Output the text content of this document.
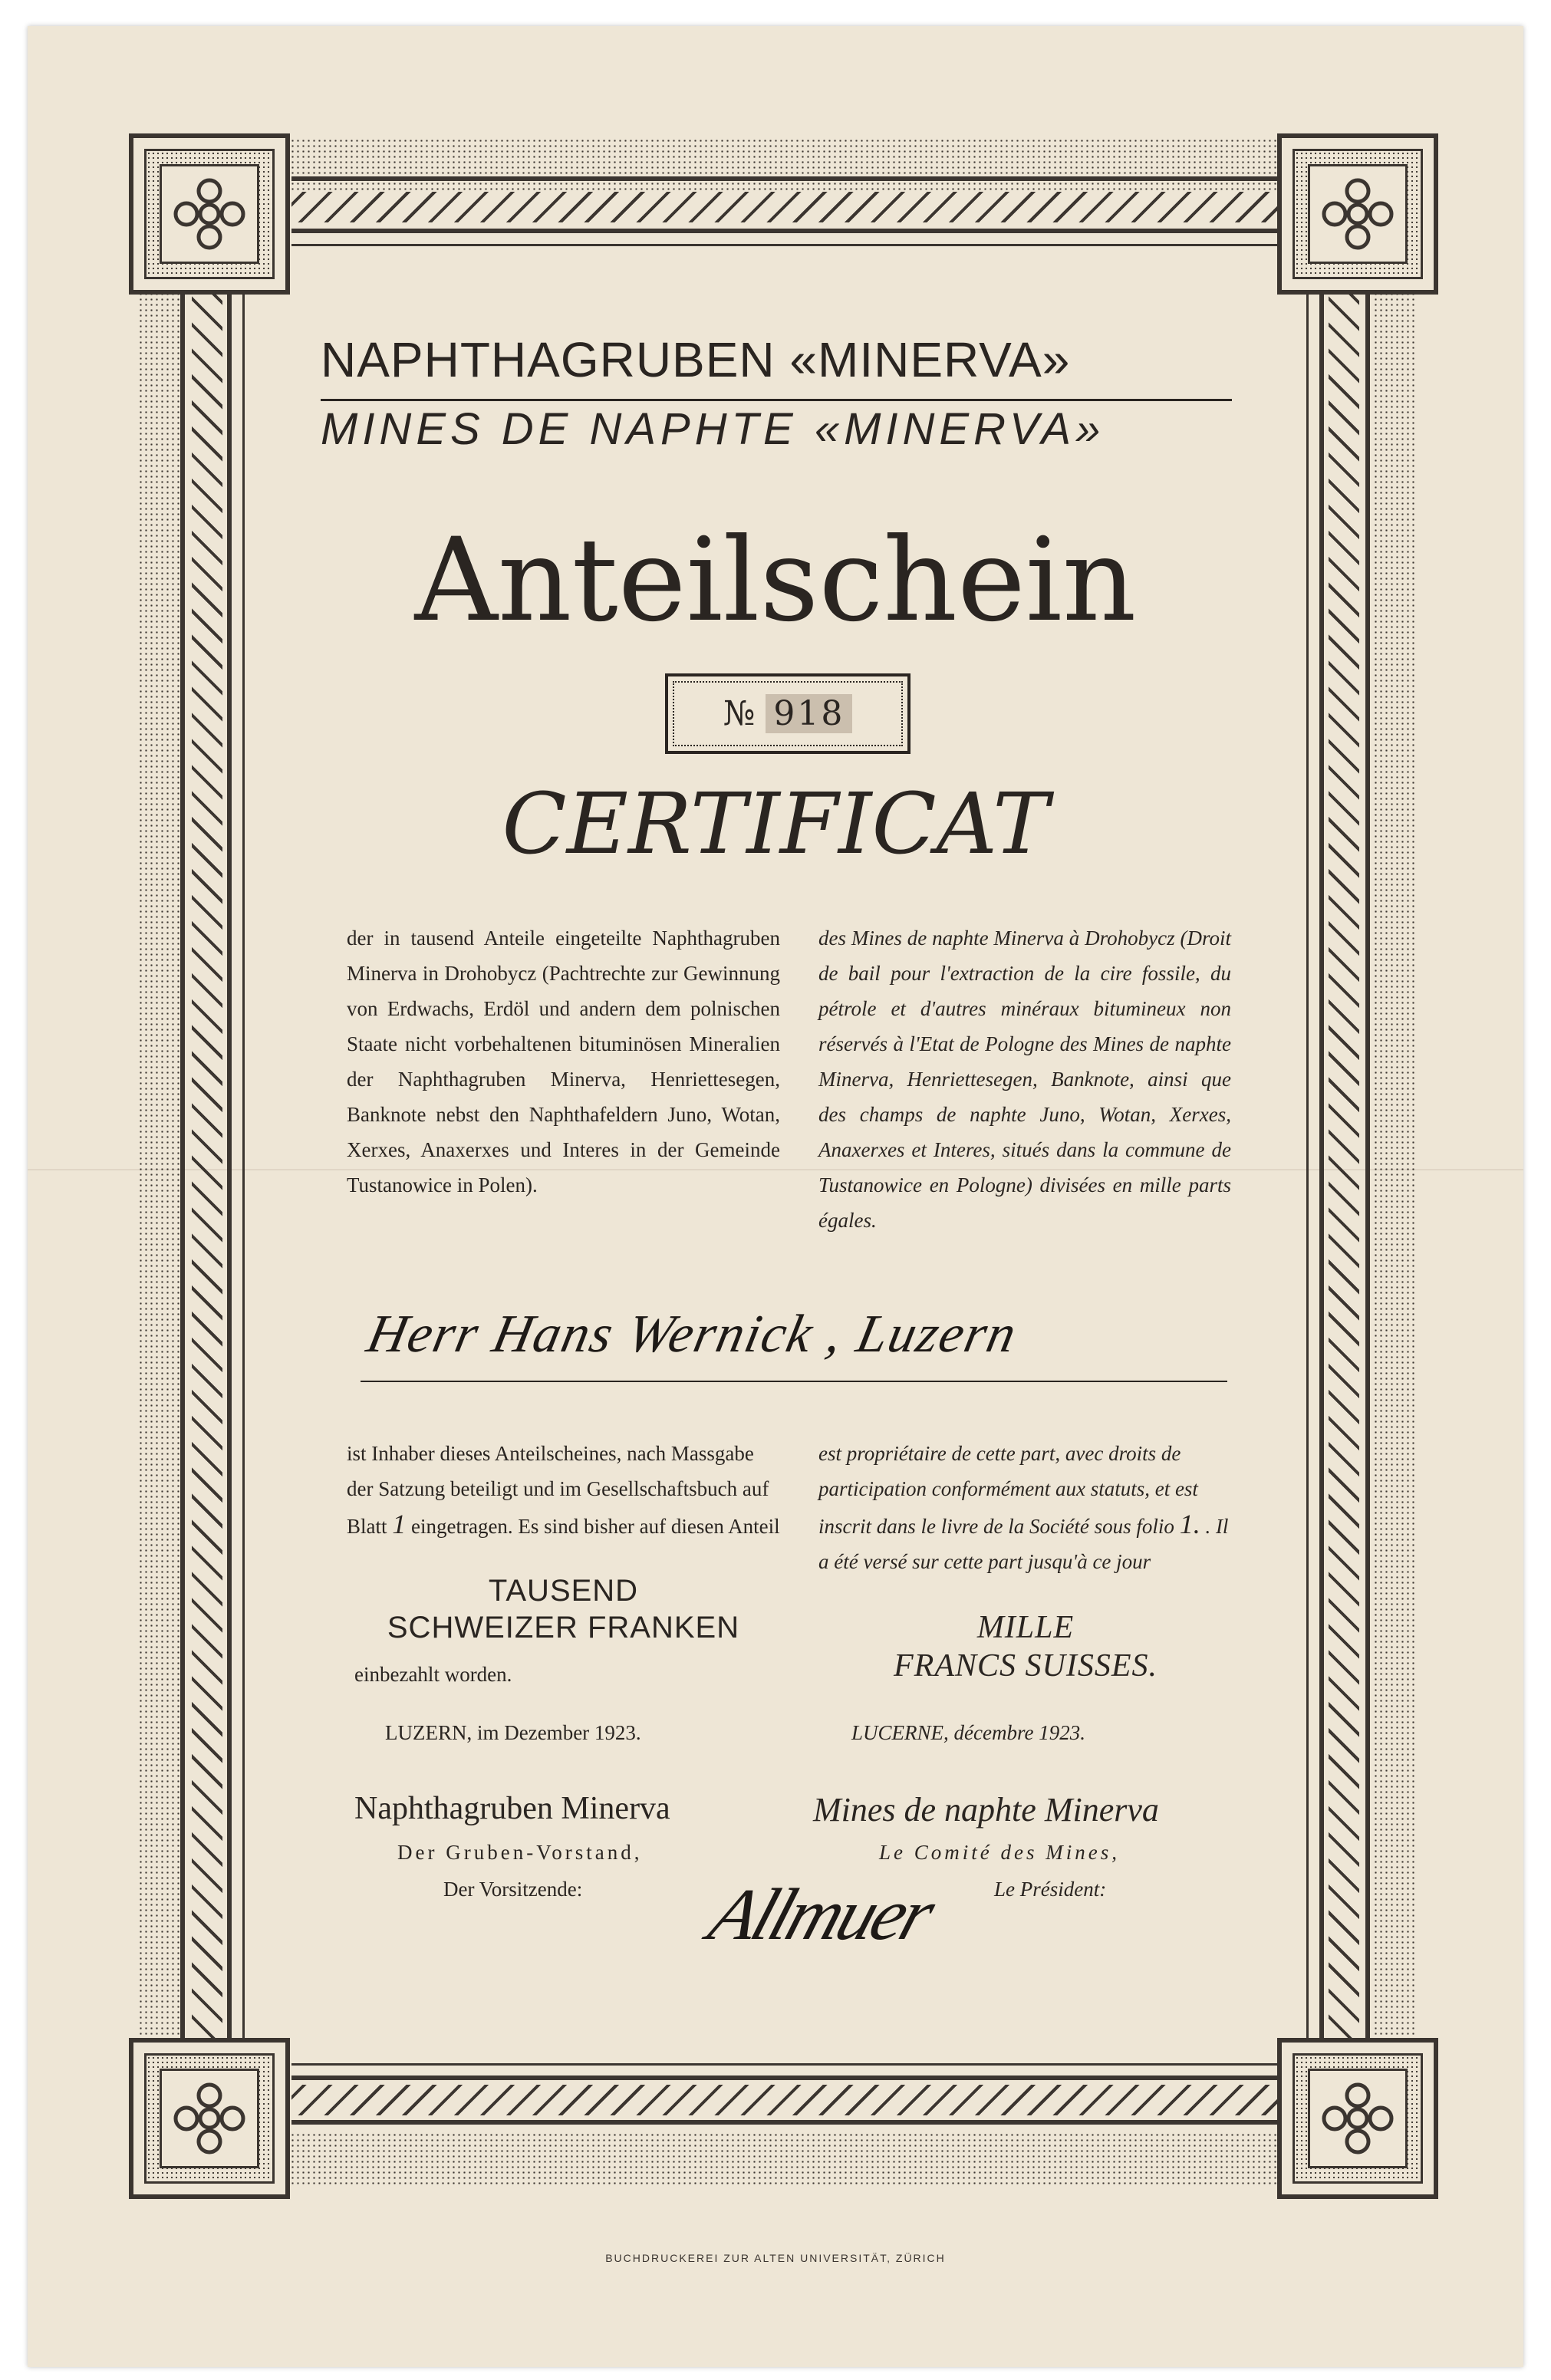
NAPHTHAGRUBEN «MINERVA»
MINES DE NAPHTE «MINERVA»
Anteilschein
№ 918
CERTIFICAT
der in tausend Anteile eingeteilte Naphthagruben Minerva in Drohobycz (Pachtrechte zur Gewinnung von Erdwachs, Erdöl und andern dem polnischen Staate nicht vorbehaltenen bituminösen Mineralien der Naphthagruben Minerva, Henriettesegen, Banknote nebst den Naphthafeldern Juno, Wotan, Xerxes, Anaxerxes und Interes in der Gemeinde Tustanowice in Polen).
des Mines de naphte Minerva à Drohobycz (Droit de bail pour l'extraction de la cire fossile, du pétrole et d'autres minéraux bitumineux non réservés à l'Etat de Pologne des Mines de naphte Minerva, Henriettesegen, Banknote, ainsi que des champs de naphte Juno, Wotan, Xerxes, Anaxerxes et Interes, situés dans la commune de Tustanowice en Pologne) divisées en mille parts égales.
Herr Hans Wernick , Luzern
ist Inhaber dieses Anteilscheines, nach Massgabe der Satzung beteiligt und im Gesellschaftsbuch auf Blatt 1 eingetragen. Es sind bisher auf diesen Anteil
TAUSEND
SCHWEIZER FRANKEN
einbezahlt worden.
LUZERN, im Dezember 1923.
Naphthagruben Minerva
Der Gruben-Vorstand,
Der Vorsitzende:
est propriétaire de cette part, avec droits de participation conformément aux statuts, et est inscrit dans le livre de la Société sous folio 1. . Il a été versé sur cette part jusqu'à ce jour
MILLE
FRANCS SUISSES.
LUCERNE, décembre 1923.
Mines de naphte Minerva
Le Comité des Mines,
Le Président:
Allmuer
BUCHDRUCKEREI ZUR ALTEN UNIVERSITÄT, ZÜRICH
